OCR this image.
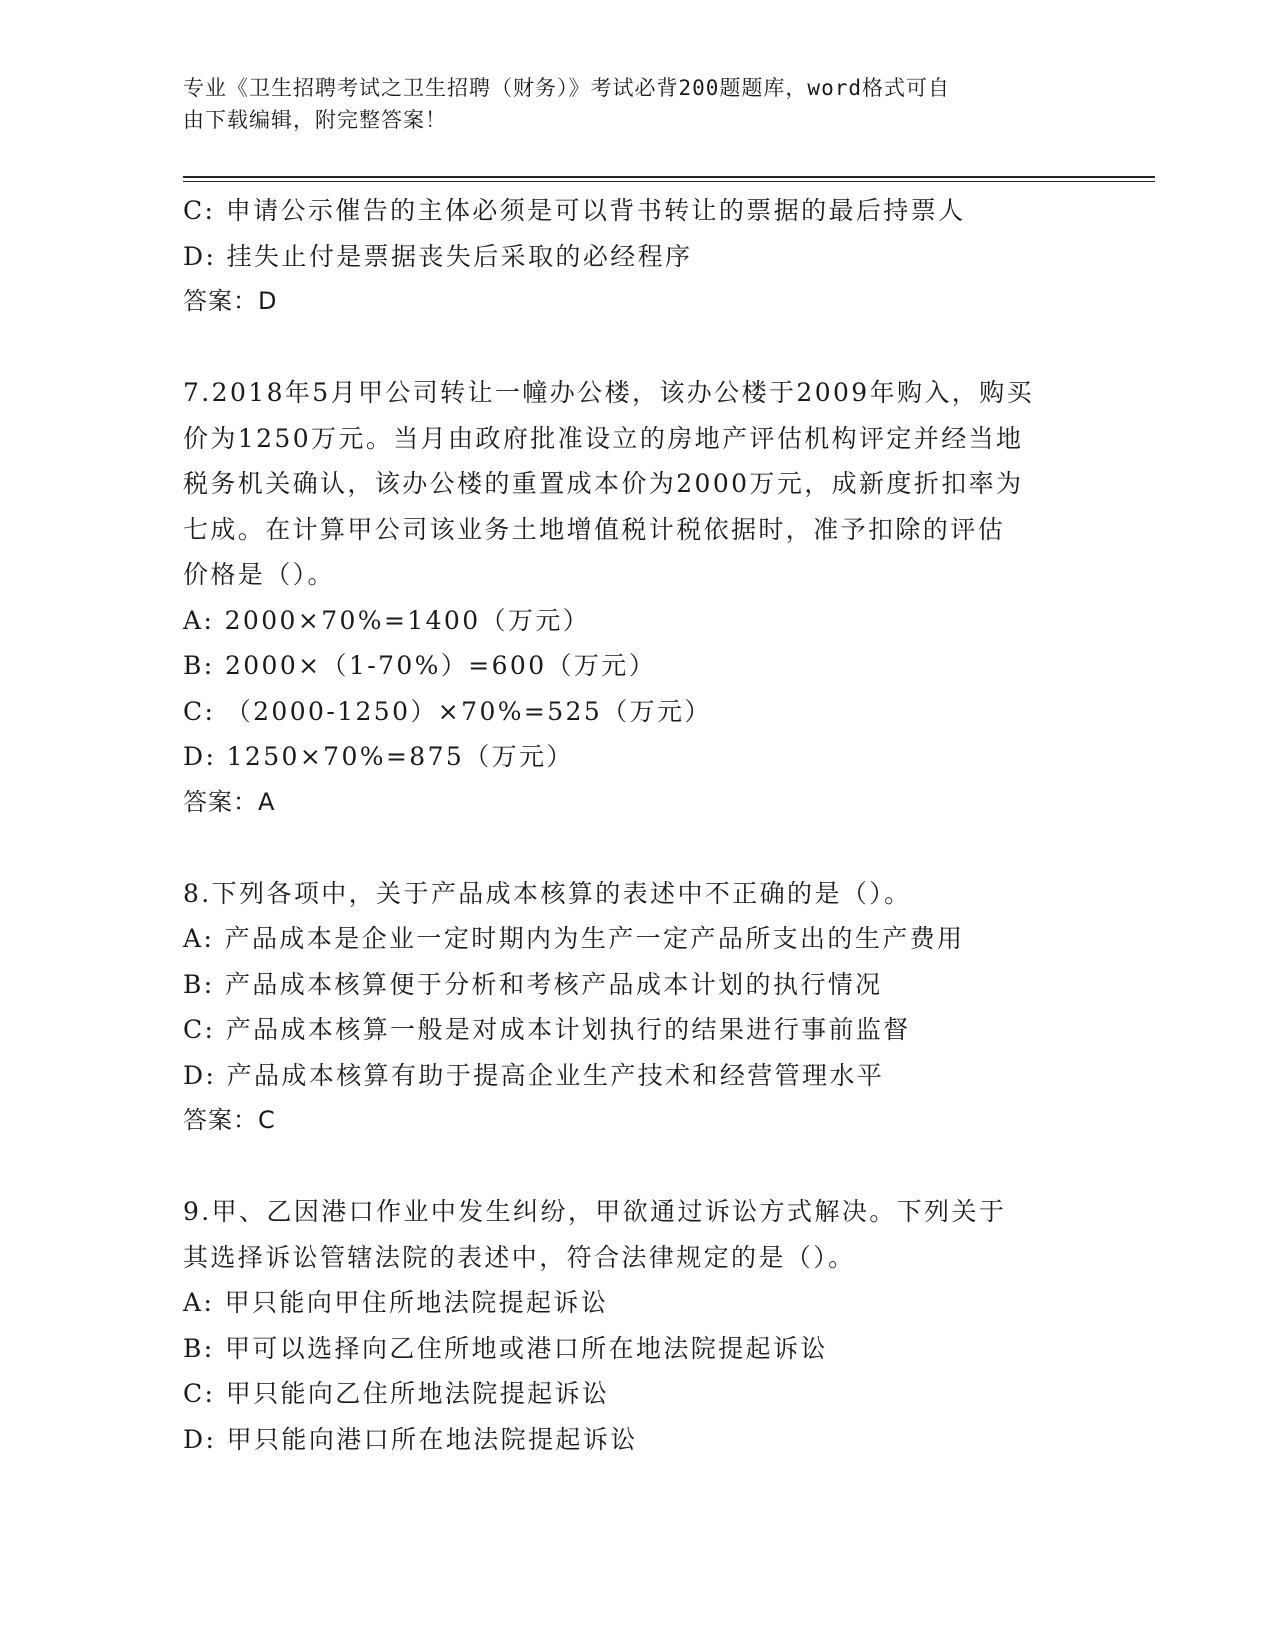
专业《卫生招聘考试之卫生招聘（财务）》考试必背200题题库，word格式可自
由下载编辑，附完整答案！
C: 申请公示催告的主体必须是可以背书转让的票据的最后持票人
D: 挂失止付是票据丧失后采取的必经程序
答案：D
7.2018年5月甲公司转让一幢办公楼，该办公楼于2009年购入，购买
价为1250万元。当月由政府批准设立的房地产评估机构评定并经当地
税务机关确认，该办公楼的重置成本价为2000万元，成新度折扣率为
七成。在计算甲公司该业务土地增值税计税依据时，准予扣除的评估
价格是（）。
A: 2000×70%=1400（万元）
B: 2000×（1-70%）=600（万元）
C: （2000-1250）×70%=525（万元）
D: 1250×70%=875（万元）
答案：A
8.下列各项中，关于产品成本核算的表述中不正确的是（）。
A: 产品成本是企业一定时期内为生产一定产品所支出的生产费用
B: 产品成本核算便于分析和考核产品成本计划的执行情况
C: 产品成本核算一般是对成本计划执行的结果进行事前监督
D: 产品成本核算有助于提高企业生产技术和经营管理水平
答案：C
9.甲、乙因港口作业中发生纠纷，甲欲通过诉讼方式解决。下列关于
其选择诉讼管辖法院的表述中，符合法律规定的是（）。
A: 甲只能向甲住所地法院提起诉讼
B: 甲可以选择向乙住所地或港口所在地法院提起诉讼
C: 甲只能向乙住所地法院提起诉讼
D: 甲只能向港口所在地法院提起诉讼
